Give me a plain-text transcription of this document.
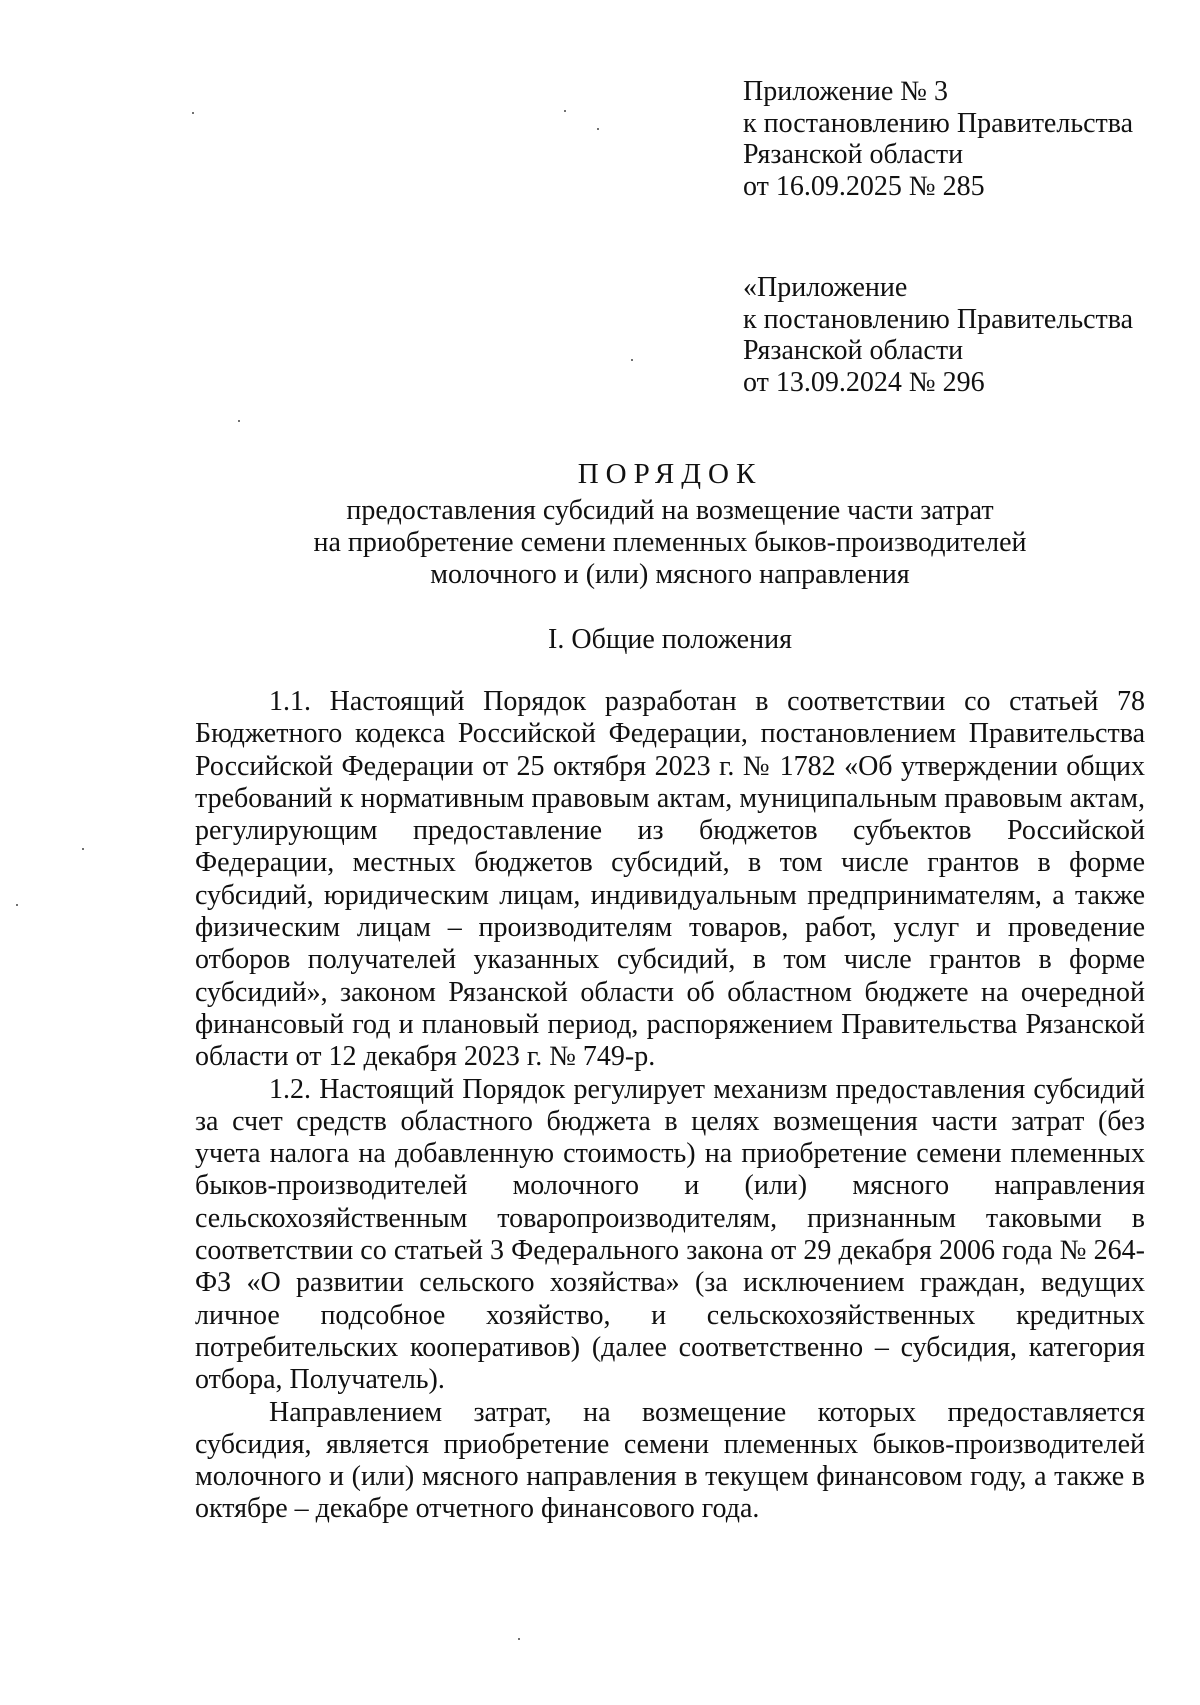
Приложение № 3
к постановлению Правительства
Рязанской области
от 16.09.2025 № 285
«Приложение
к постановлению Правительства
Рязанской области
от 13.09.2024 № 296
ПОРЯДОК
предоставления субсидий на возмещение части затрат
на приобретение семени племенных быков-производителей
молочного и (или) мясного направления
I. Общие положения

1.1. Настоящий Порядок разработан в соответствии со статьей 78 Бюджетного кодекса Российской Федерации, постановлением Правительства Российской Федерации от 25 октября 2023 г. № 1782 «Об утверждении общих требований к нормативным правовым актам, муниципальным правовым актам, регулирующим предоставление из бюджетов субъектов Российской Федерации, местных бюджетов субсидий, в том числе грантов в форме субсидий, юридическим лицам, индивидуальным предпринимателям, а также физическим лицам – производителям товаров, работ, услуг и проведение отборов получателей указанных субсидий, в том числе грантов в форме субсидий», законом Рязанской области об областном бюджете на очередной финансовый год и плановый период, распоряжением Правительства Рязанской области от 12 декабря 2023 г. № 749-р.

1.2. Настоящий Порядок регулирует механизм предоставления субсидий за счет средств областного бюджета в целях возмещения части затрат (без учета налога на добавленную стоимость) на приобретение семени племенных быков-производителей молочного и (или) мясного направления сельскохозяйственным товаропроизводителям, признанным таковыми в соответствии со статьей 3 Федерального закона от 29 декабря 2006 года № 264-ФЗ «О развитии сельского хозяйства» (за исключением граждан, ведущих личное подсобное хозяйство, и сельскохозяйственных кредитных потребительских кооперативов) (далее соответственно – субсидия, категория отбора, Получатель).

Направлением затрат, на возмещение которых предоставляется субсидия, является приобретение семени племенных быков-производителей молочного и (или) мясного направления в текущем финансовом году, а также в октябре – декабре отчетного финансового года.
